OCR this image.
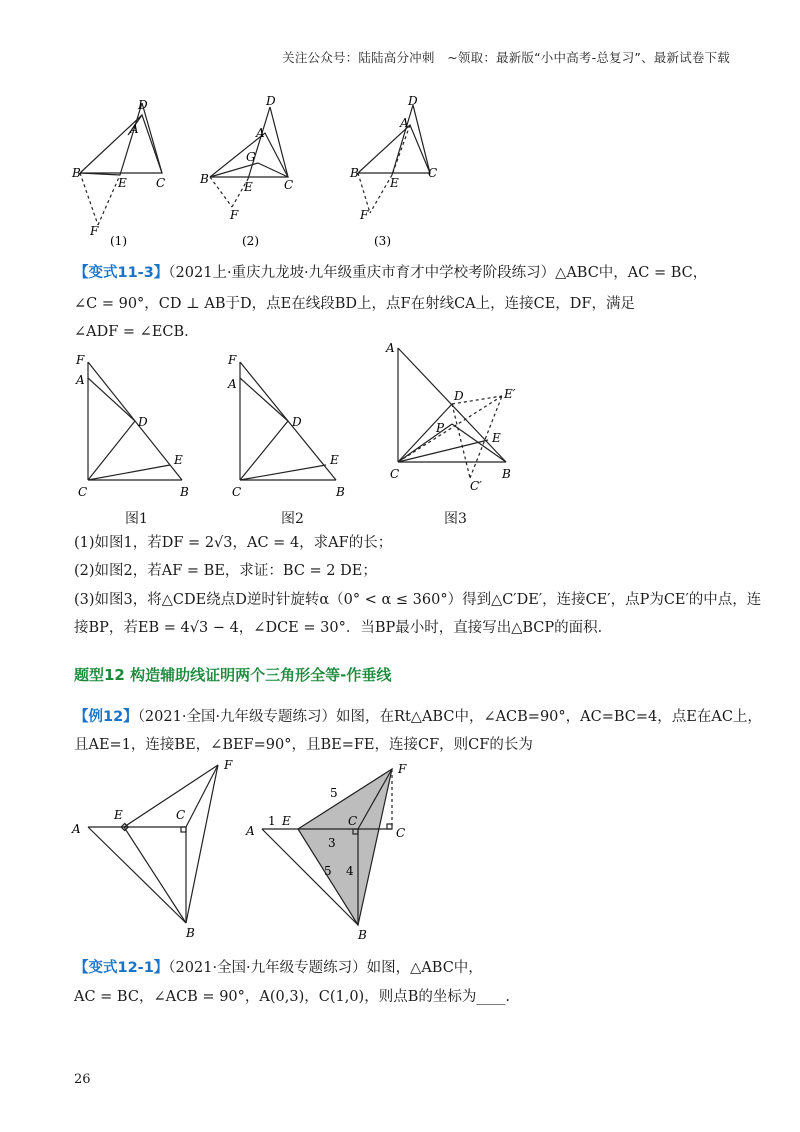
关注公众号：陆陆高分冲刺　~领取：最新版“小中高考-总复习”、最新试卷下载
D
A
B
E C
F
(1)
D
A
G
B
E	C
F
(2)
D
A
B
E
C
F
(3)
【变式11-3】（2021上·重庆九龙坡·九年级重庆市育才中学校考阶段练习）△ABC中，AC = BC，
∠C = 90°，CD ⊥ AB于D，点E在线段BD上，点F在射线CA上，连接CE，DF，满足
∠ADF = ∠ECB．
F
A
D
E
C	B
F
A
D
E
C	B
A
D	E′
P
E
C	B
C′
图1	图2	图3
(1)如图1，若DF = 2√3，AC = 4，求AF的长；
(2)如图2，若AF = BE，求证：BC = 2 DE；
(3)如图3，将△CDE绕点D逆时针旋转α（0° < α ≤ 360°）得到△C′DE′，连接CE′，点P为CE′的中点，连
接BP，若EB = 4√3 − 4，∠DCE = 30°．当BP最小时，直接写出△BCP的面积．
题型12 构造辅助线证明两个三角形全等-作垂线
【例12】（2021·全国·九年级专题练习）如图，在Rt△ABC中，∠ACB=90°，AC=BC=4，点E在AC上，
且AE=1，连接BE，∠BEF=90°，且BE=FE，连接CF，则CF的长为
A
E	C
F
B
A
1 E	C
C
F
5
3
5 4
B
【变式12-1】（2021·全国·九年级专题练习）如图，△ABC中，
AC = BC，∠ACB = 90°，A(0,3)，C(1,0)，则点B的坐标为____.
26
